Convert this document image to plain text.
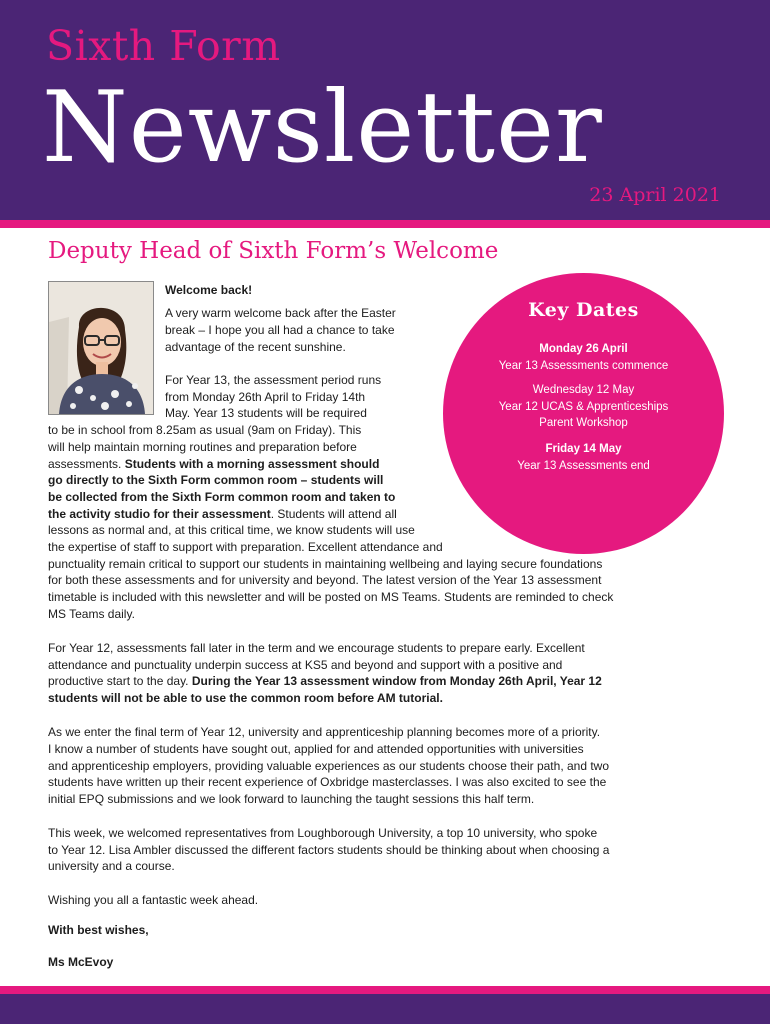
Sixth Form
Newsletter
23 April 2021
Deputy Head of Sixth Form’s Welcome
Key Dates
Monday 26 April
Year 13 Assessments commence
Wednesday 12 May
Year 12 UCAS & Apprenticeships
Parent Workshop
Friday 14 May
Year 13 Assessments end
Welcome back!
A very warm welcome back after the Easter
break – I hope you all had a chance to take
advantage of the recent sunshine.
For Year 13, the assessment period runs
from Monday 26th April to Friday 14th
May. Year 13 students will be required
to be in school from 8.25am as usual (9am on Friday). This
will help maintain morning routines and preparation before
assessments. Students with a morning assessment should
go directly to the Sixth Form common room – students will
be collected from the Sixth Form common room and taken to
the activity studio for their assessment. Students will attend all
lessons as normal and, at this critical time, we know students will use
the expertise of staff to support with preparation. Excellent attendance and
punctuality remain critical to support our students in maintaining wellbeing and laying secure foundations
for both these assessments and for university and beyond. The latest version of the Year 13 assessment
timetable is included with this newsletter and will be posted on MS Teams. Students are reminded to check
MS Teams daily.
For Year 12, assessments fall later in the term and we encourage students to prepare early. Excellent
attendance and punctuality underpin success at KS5 and beyond and support with a positive and
productive start to the day. During the Year 13 assessment window from Monday 26th April, Year 12
students will not be able to use the common room before AM tutorial.
As we enter the final term of Year 12, university and apprenticeship planning becomes more of a priority.
I know a number of students have sought out, applied for and attended opportunities with universities
and apprenticeship employers, providing valuable experiences as our students choose their path, and two
students have written up their recent experience of Oxbridge masterclasses. I was also excited to see the
initial EPQ submissions and we look forward to launching the taught sessions this half term.
This week, we welcomed representatives from Loughborough University, a top 10 university, who spoke
to Year 12. Lisa Ambler discussed the different factors students should be thinking about when choosing a
university and a course.
Wishing you all a fantastic week ahead.
With best wishes,
Ms McEvoy
